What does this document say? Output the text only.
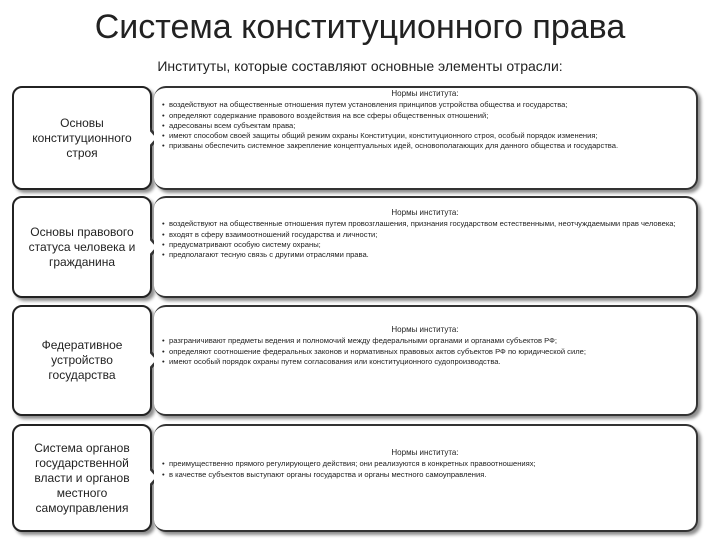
Система конституционного права
Институты, которые составляют основные элементы отрасли:
Основы конституционного строя
Нормы института:
• воздействуют на общественные отношения путем установления принципов устройства общества и государства;
• определяют содержание правового воздействия на все сферы общественных отношений;
• адресованы всем субъектам права;
• имеют способом своей защиты общий режим охраны Конституции, конституционного строя, особый порядок изменения;
• призваны обеспечить системное закрепление концептуальных идей, основополагающих для данного общества и государства.
Основы правового статуса человека и гражданина
Нормы института:
• воздействуют на общественные отношения путем провозглашения, признания государством естественными, неотчуждаемыми прав человека;
• входят в сферу взаимоотношений государства и личности;
• предусматривают особую систему охраны;
• предполагают тесную связь с другими отраслями права.
Федеративное устройство государства
Нормы института:
• разграничивают предметы ведения и полномочий между федеральными органами и органами субъектов РФ;
• определяют соотношение федеральных законов и нормативных правовых актов субъектов РФ по юридической силе;
• имеют особый порядок охраны путем согласования или конституционного судопроизводства.
Система органов государственной власти и органов местного самоуправления
Нормы института:
• преимущественно прямого регулирующего действия; они реализуются в конкретных правоотношениях;
• в качестве субъектов выступают органы государства и органы местного самоуправления.
